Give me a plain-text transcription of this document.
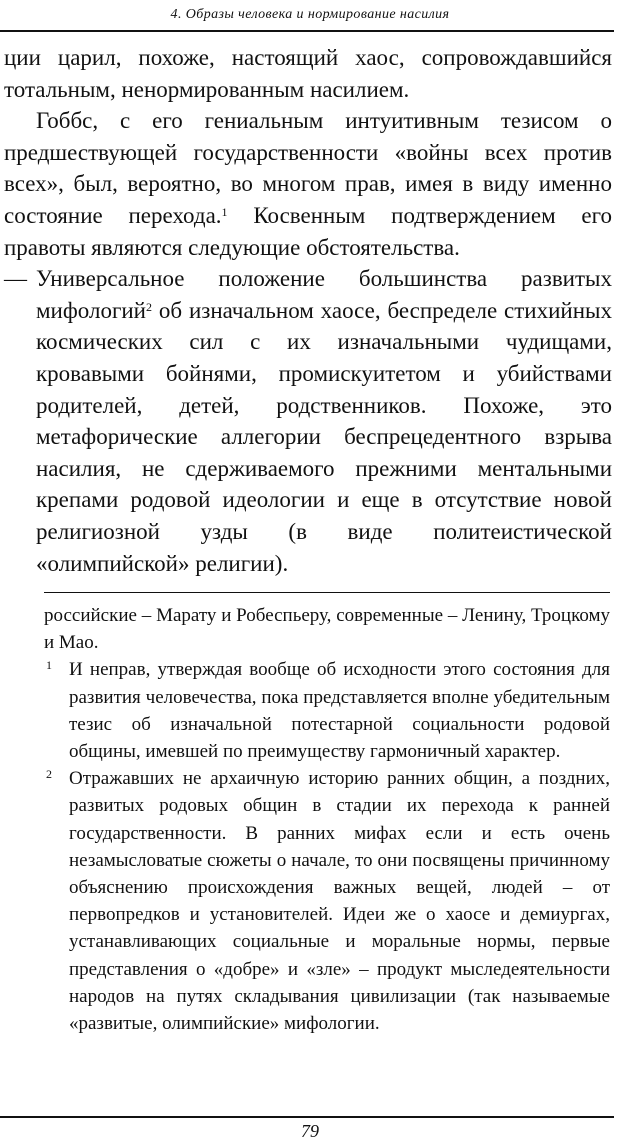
4. Образы человека и нормирование насилия

ции царил, похоже, настоящий хаос, сопровождавшийся тотальным, ненормированным насилием.

Гоббс, с его гениальным интуитивным тезисом о предшествующей государственности «войны всех против всех», был, вероятно, во многом прав, имея в виду именно состояние перехода.$^1$ Косвенным подтверждением его правоты являются следующие обстоятельства.

— Универсальное положение большинства развитых мифологий$^2$ об изначальном хаосе, беспределе стихийных космических сил с их изначальными чудищами, кровавыми бойнями, промискуитетом и убийствами родителей, детей, родственников. Похоже, это метафорические аллегории беспрецедентного взрыва насилия, не сдерживаемого прежними ментальными крепами родовой идеологии и еще в отсутствие новой религиозной узды (в виде политеистической «олимпийской» религии).

российские – Марату и Робеспьеру, современные – Ленину, Троцкому и Мао.

1 И неправ, утверждая вообще об исходности этого состояния для развития человечества, пока представляется вполне убедительным тезис об изначальной потестарной социальности родовой общины, имевшей по преимуществу гармоничный характер.

2 Отражавших не архаичную историю ранних общин, а поздних, развитых родовых общин в стадии их перехода к ранней государственности. В ранних мифах если и есть очень незамысловатые сюжеты о начале, то они посвящены причинному объяснению происхождения важных вещей, людей – от первопредков и установителей. Идеи же о хаосе и демиургах, устанавливающих социальные и моральные нормы, первые представления о «добре» и «зле» – продукт мыследеятельности народов на путях складывания цивилизации (так называемые «развитые, олимпийские» мифологии.

79
